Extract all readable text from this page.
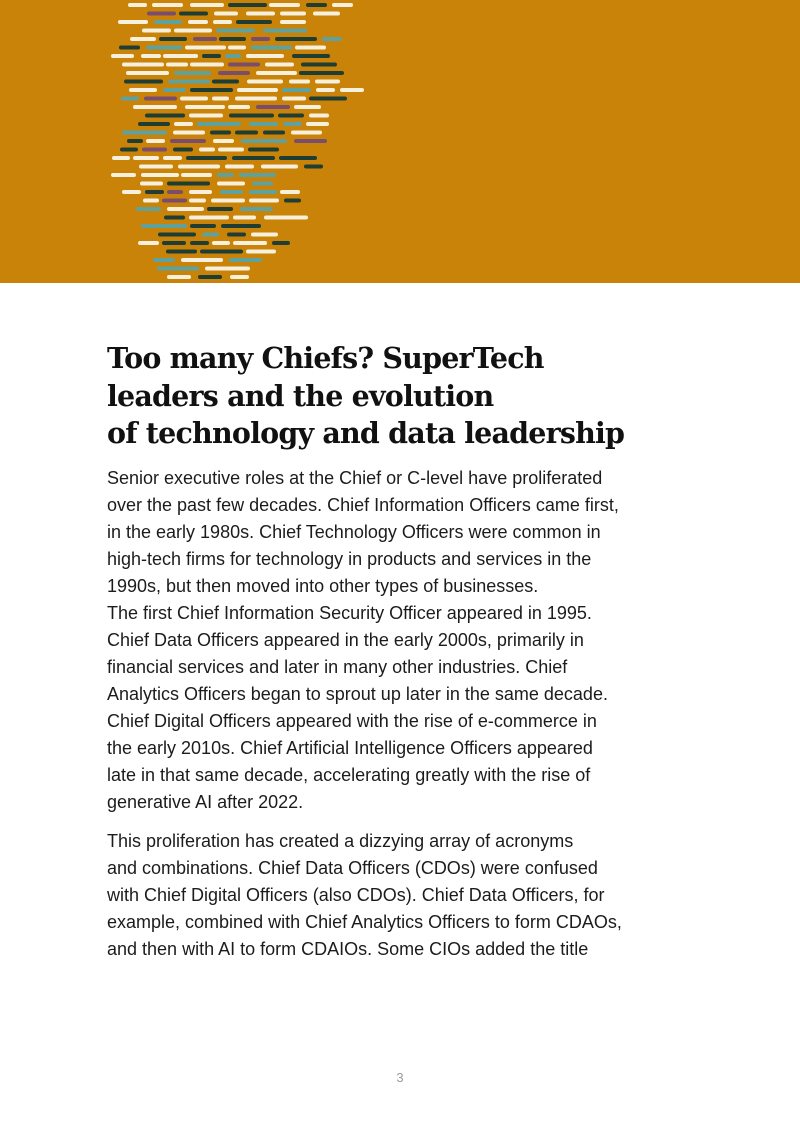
Too many Chiefs? SuperTech
leaders and the evolution
of technology and data leadership

Senior executive roles at the Chief or C-level have proliferated
over the past few decades. Chief Information Officers came first,
in the early 1980s. Chief Technology Officers were common in
high-tech firms for technology in products and services in the
1990s, but then moved into other types of businesses.
The first Chief Information Security Officer appeared in 1995.
Chief Data Officers appeared in the early 2000s, primarily in
financial services and later in many other industries. Chief
Analytics Officers began to sprout up later in the same decade.
Chief Digital Officers appeared with the rise of e-commerce in
the early 2010s. Chief Artificial Intelligence Officers appeared
late in that same decade, accelerating greatly with the rise of
generative AI after 2022.

This proliferation has created a dizzying array of acronyms
and combinations. Chief Data Officers (CDOs) were confused
with Chief Digital Officers (also CDOs). Chief Data Officers, for
example, combined with Chief Analytics Officers to form CDAOs,
and then with AI to form CDAIOs. Some CIOs added the title

3
